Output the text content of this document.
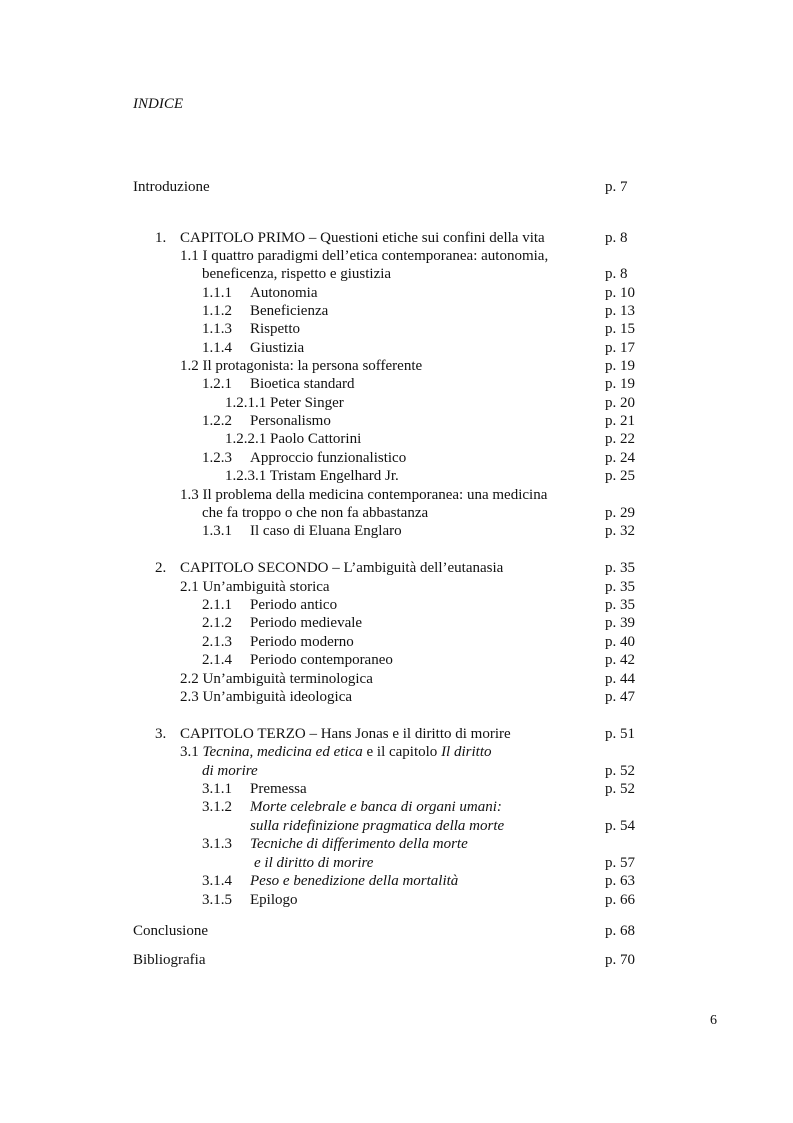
INDICE
Introduzione	p. 7
1. CAPITOLO PRIMO – Questioni etiche sui confini della vita	p. 8
1.1 I quattro paradigmi dell’etica contemporanea: autonomia,
beneficenza, rispetto e giustizia	p. 8
1.1.1 Autonomia	p. 10
1.1.2 Beneficienza	p. 13
1.1.3 Rispetto	p. 15
1.1.4 Giustizia	p. 17
1.2 Il protagonista: la persona sofferente	p. 19
1.2.1 Bioetica standard	p. 19
1.2.1.1 Peter Singer	p. 20
1.2.2 Personalismo	p. 21
1.2.2.1 Paolo Cattorini	p. 22
1.2.3 Approccio funzionalistico	p. 24
1.2.3.1 Tristam Engelhard Jr.	p. 25
1.3 Il problema della medicina contemporanea: una medicina
che fa troppo o che non fa abbastanza	p. 29
1.3.1 Il caso di Eluana Englaro	p. 32
2. CAPITOLO SECONDO – L’ambiguità dell’eutanasia	p. 35
2.1 Un’ambiguità storica	p. 35
2.1.1 Periodo antico	p. 35
2.1.2 Periodo medievale	p. 39
2.1.3 Periodo moderno	p. 40
2.1.4 Periodo contemporaneo	p. 42
2.2 Un’ambiguità terminologica	p. 44
2.3 Un’ambiguità ideologica	p. 47
3. CAPITOLO TERZO – Hans Jonas e il diritto di morire	p. 51
3.1 Tecnina, medicina ed etica e il capitolo Il diritto
di morire	p. 52
3.1.1 Premessa	p. 52
3.1.2 Morte celebrale e banca di organi umani:
sulla ridefinizione pragmatica della morte	p. 54
3.1.3 Tecniche di differimento della morte
e il diritto di morire	p. 57
3.1.4 Peso e benedizione della mortalità	p. 63
3.1.5 Epilogo	p. 66
Conclusione	p. 68
Bibliografia	p. 70
6
